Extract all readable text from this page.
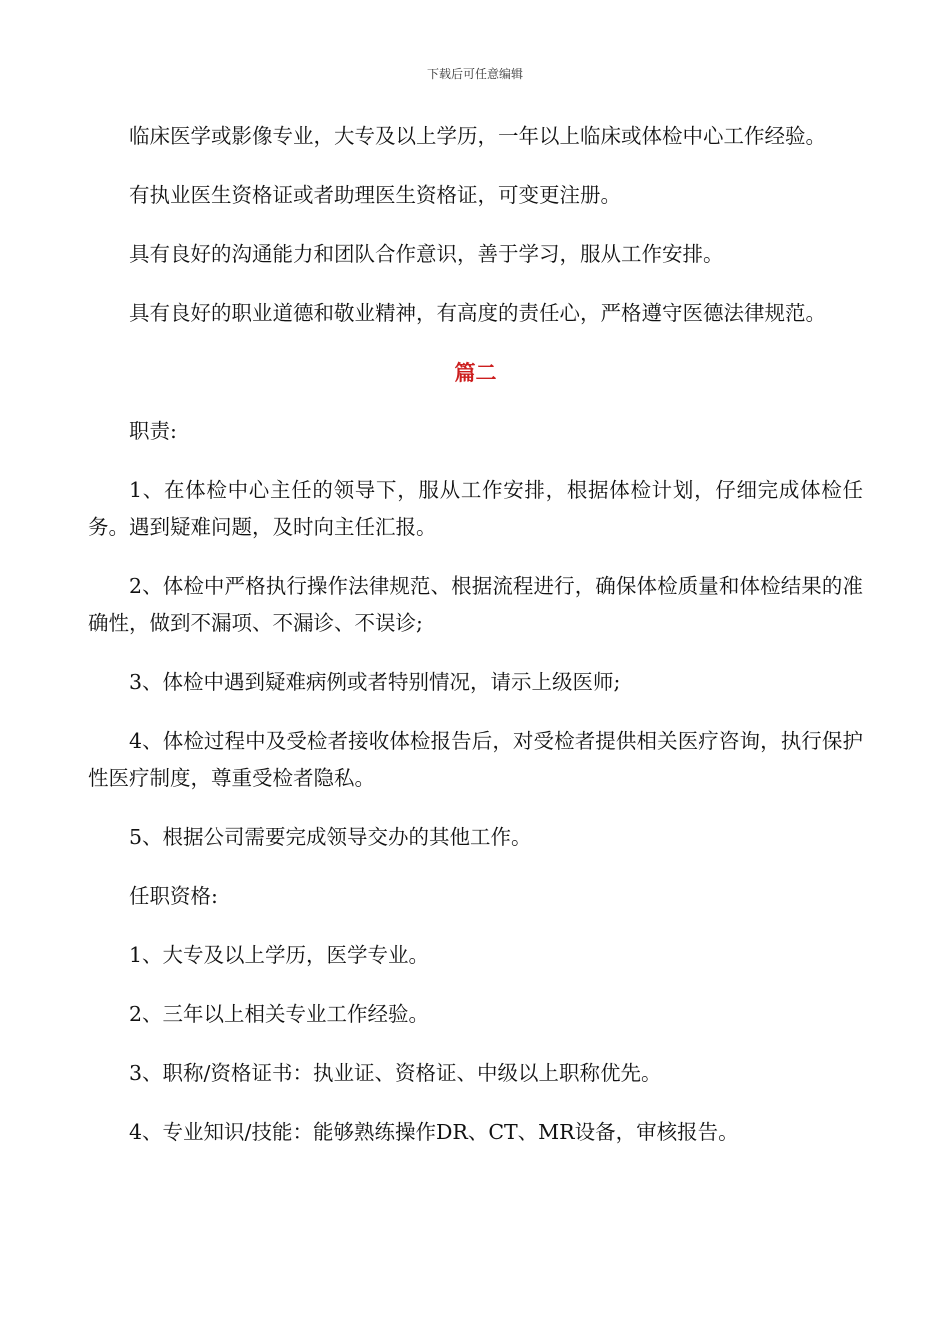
下载后可任意编辑

临床医学或影像专业，大专及以上学历，一年以上临床或体检中心工作经验。

有执业医生资格证或者助理医生资格证，可变更注册。

具有良好的沟通能力和团队合作意识，善于学习，服从工作安排。

具有良好的职业道德和敬业精神，有高度的责任心，严格遵守医德法律规范。

篇二

职责:

1、在体检中心主任的领导下，服从工作安排，根据体检计划，仔细完成体检任务。遇到疑难问题，及时向主任汇报。

2、体检中严格执行操作法律规范、根据流程进行，确保体检质量和体检结果的准确性，做到不漏项、不漏诊、不误诊;

3、体检中遇到疑难病例或者特别情况，请示上级医师;

4、体检过程中及受检者接收体检报告后，对受检者提供相关医疗咨询，执行保护性医疗制度，尊重受检者隐私。

5、根据公司需要完成领导交办的其他工作。

任职资格:

1、大专及以上学历，医学专业。

2、三年以上相关专业工作经验。

3、职称/资格证书：执业证、资格证、中级以上职称优先。

4、专业知识/技能：能够熟练操作DR、CT、MR设备，审核报告。
